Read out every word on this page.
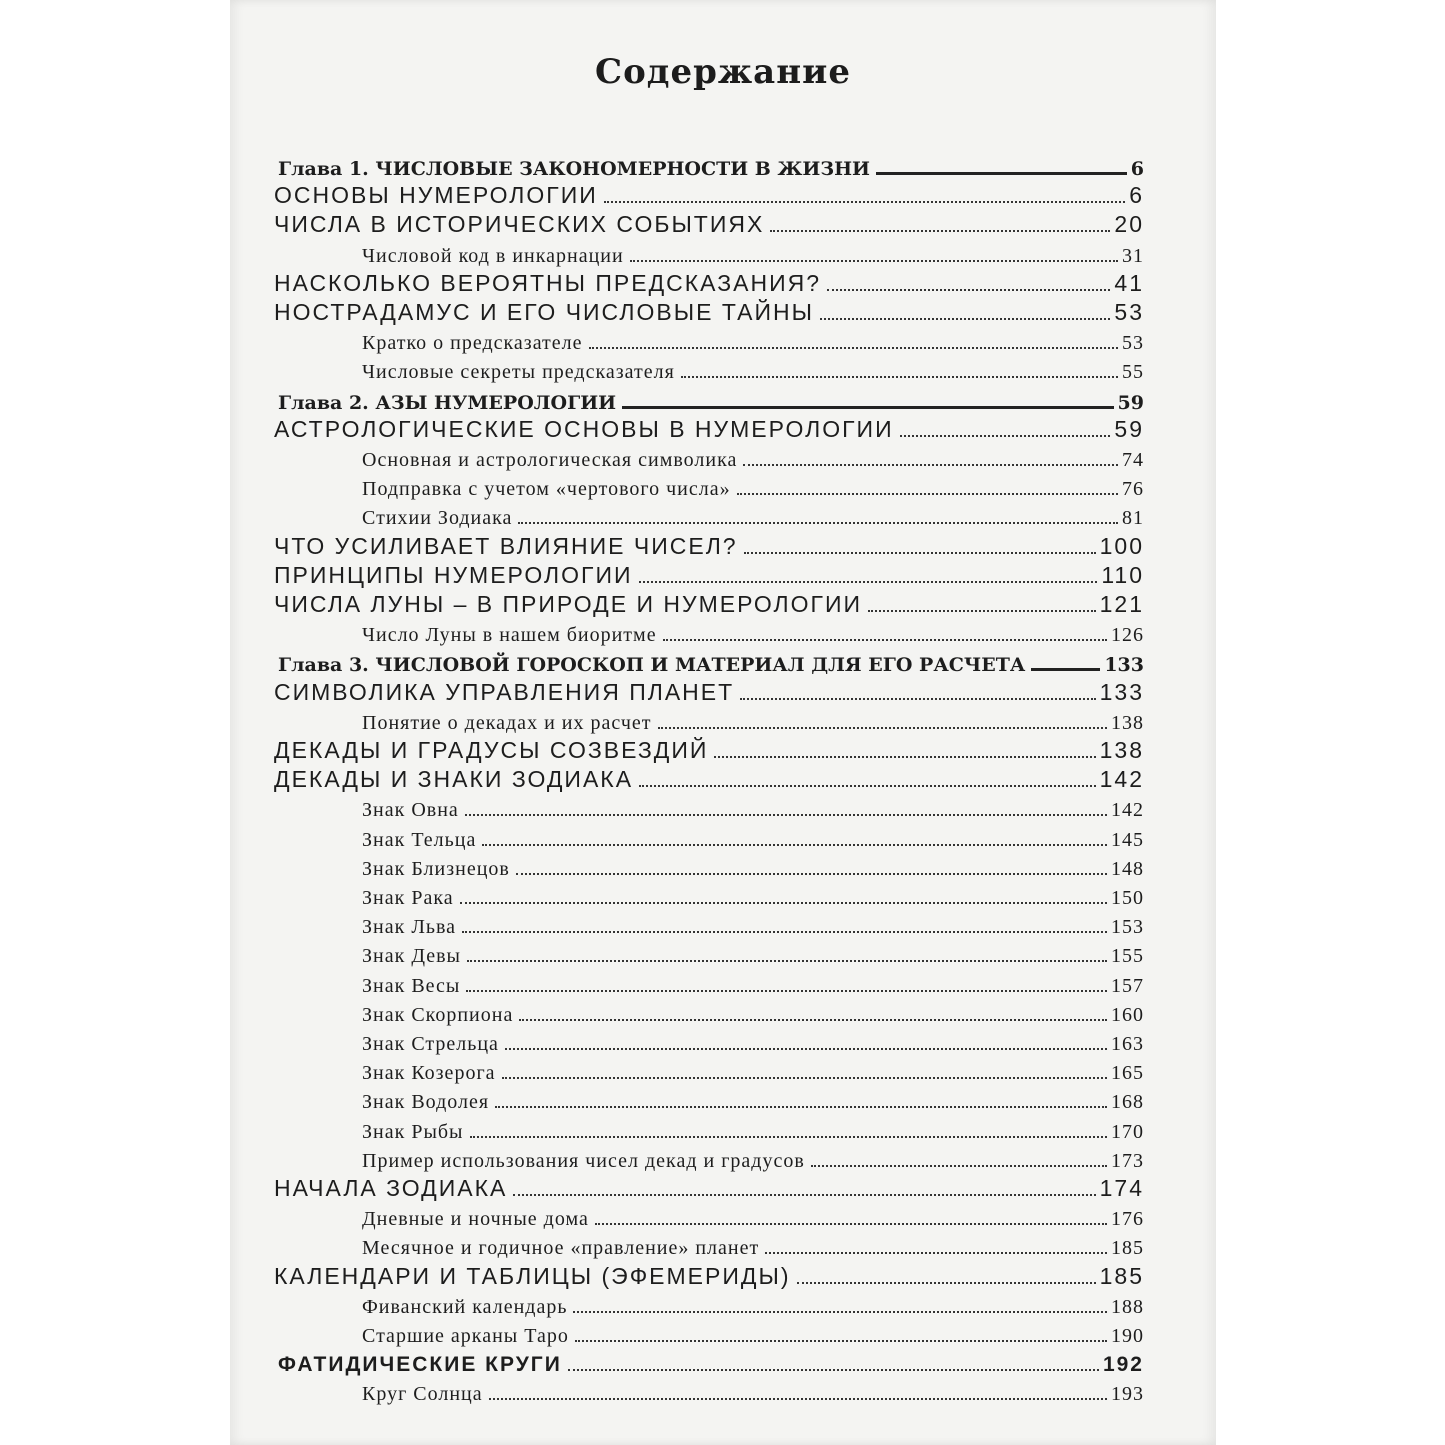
Содержание
Глава 1. ЧИСЛОВЫЕ ЗАКОНОМЕРНОСТИ В ЖИЗНИ	6
ОСНОВЫ НУМЕРОЛОГИИ	6
ЧИСЛА В ИСТОРИЧЕСКИХ СОБЫТИЯХ	20
Числовой код в инкарнации	31
НАСКОЛЬКО ВЕРОЯТНЫ ПРЕДСКАЗАНИЯ?	41
НОСТРАДАМУС И ЕГО ЧИСЛОВЫЕ ТАЙНЫ	53
Кратко о предсказателе	53
Числовые секреты предсказателя	55
Глава 2. АЗЫ НУМЕРОЛОГИИ	59
АСТРОЛОГИЧЕСКИЕ ОСНОВЫ В НУМЕРОЛОГИИ	59
Основная и астрологическая символика	74
Подправка с учетом «чертового числа»	76
Стихии Зодиака	81
ЧТО УСИЛИВАЕТ ВЛИЯНИЕ ЧИСЕЛ?	100
ПРИНЦИПЫ НУМЕРОЛОГИИ	110
ЧИСЛА ЛУНЫ – В ПРИРОДЕ И НУМЕРОЛОГИИ	121
Число Луны в нашем биоритме	126
Глава 3. ЧИСЛОВОЙ ГОРОСКОП И МАТЕРИАЛ ДЛЯ ЕГО РАСЧЕТА	133
СИМВОЛИКА УПРАВЛЕНИЯ ПЛАНЕТ	133
Понятие о декадах и их расчет	138
ДЕКАДЫ И ГРАДУСЫ СОЗВЕЗДИЙ	138
ДЕКАДЫ И ЗНАКИ ЗОДИАКА	142
Знак Овна	142
Знак Тельца	145
Знак Близнецов	148
Знак Рака	150
Знак Льва	153
Знак Девы	155
Знак Весы	157
Знак Скорпиона	160
Знак Стрельца	163
Знак Козерога	165
Знак Водолея	168
Знак Рыбы	170
Пример использования чисел декад и градусов	173
НАЧАЛА ЗОДИАКА	174
Дневные и ночные дома	176
Месячное и годичное «правление» планет	185
КАЛЕНДАРИ И ТАБЛИЦЫ (ЭФЕМЕРИДЫ)	185
Фиванский календарь	188
Старшие арканы Таро	190
ФАТИДИЧЕСКИЕ КРУГИ	192
Круг Солнца	193
